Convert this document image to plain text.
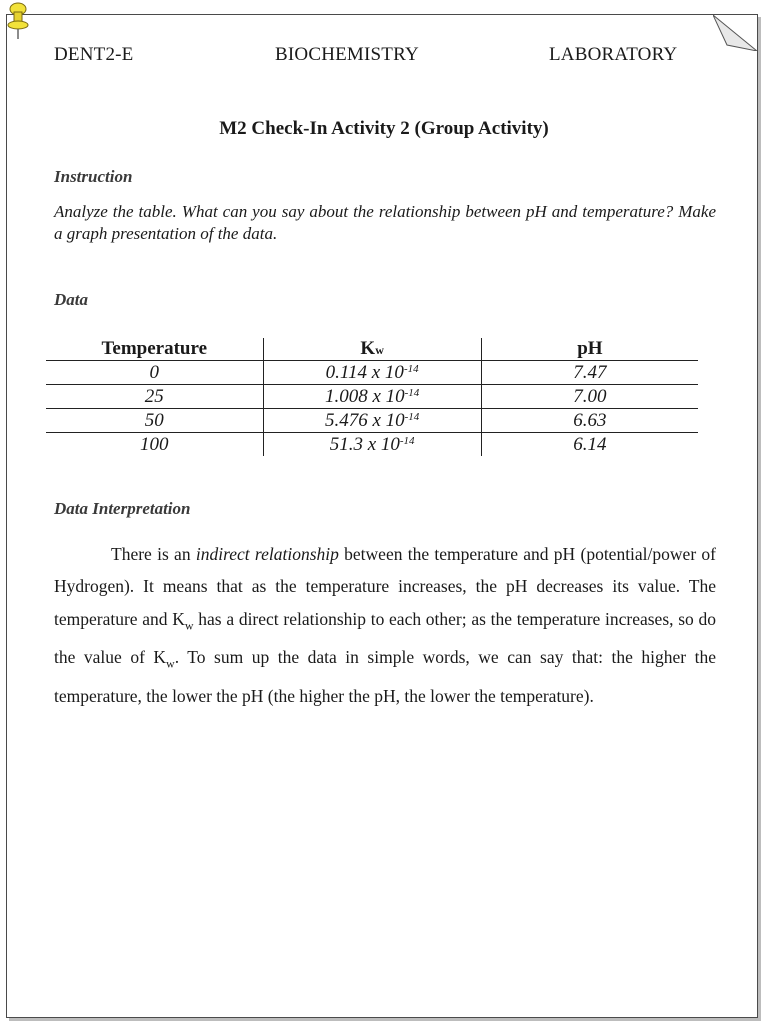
DENT2-E	BIOCHEMISTRY	LABORATORY
M2 Check-In Activity 2 (Group Activity)
Instruction
Analyze the table. What can you say about the relationship between pH and temperature? Make a graph presentation of the data.
Data
Temperature	Kw	pH
0	0.114 x $10^{-14}$	7.47
25	1.008 x $10^{-14}$	7.00
50	5.476 x $10^{-14}$	6.63
100	51.3 x $10^{-14}$	6.14
Data Interpretation
There is an indirect relationship between the temperature and pH (potential/power of Hydrogen). It means that as the temperature increases, the pH decreases its value. The temperature and $K_w$ has a direct relationship to each other; as the temperature increases, so do the value of $K_w$. To sum up the data in simple words, we can say that: the higher the temperature, the lower the pH (the higher the pH, the lower the temperature).
